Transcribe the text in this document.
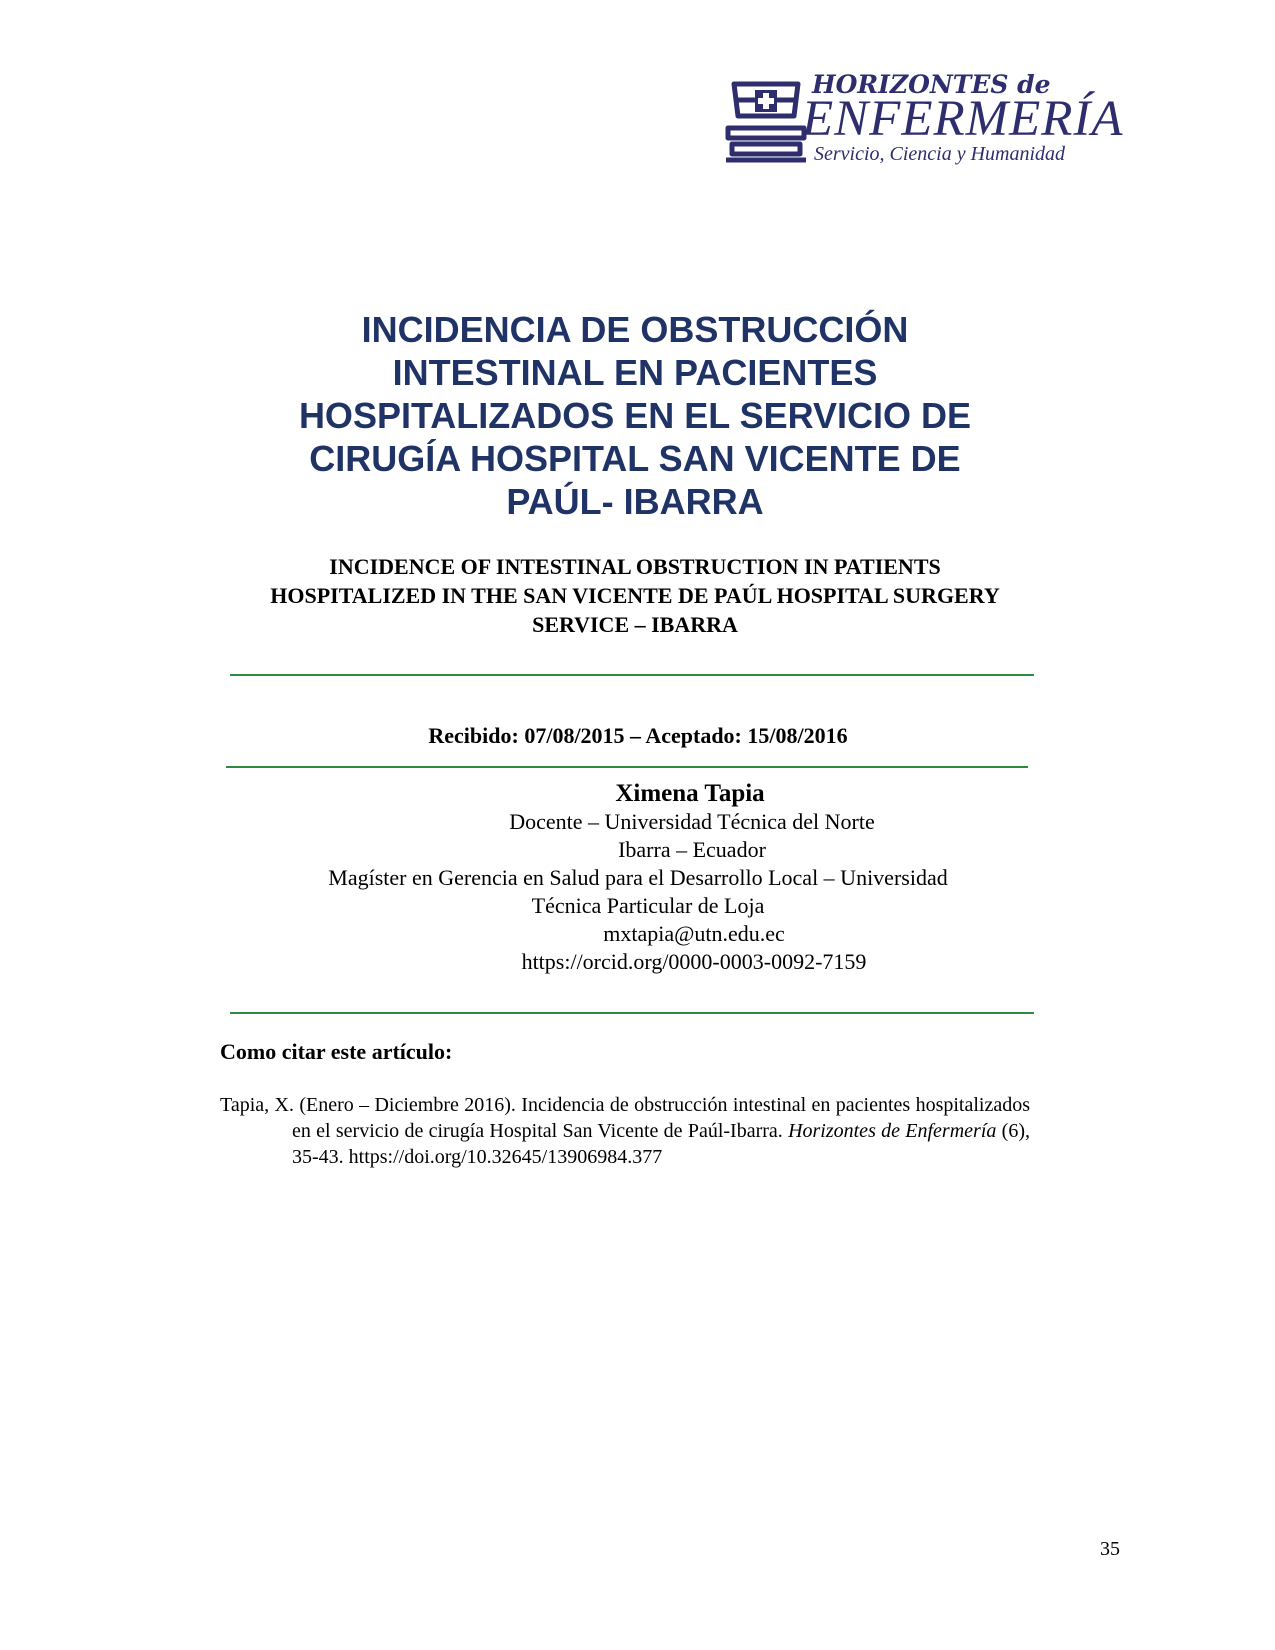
HORIZONTES de
ENFERMERÍA
Servicio, Ciencia y Humanidad
INCIDENCIA DE OBSTRUCCIÓN
INTESTINAL EN PACIENTES
HOSPITALIZADOS EN EL SERVICIO DE
CIRUGÍA HOSPITAL SAN VICENTE DE
PAÚL- IBARRA
INCIDENCE OF INTESTINAL OBSTRUCTION IN PATIENTS
HOSPITALIZED IN THE SAN VICENTE DE PAÚL HOSPITAL SURGERY
SERVICE – IBARRA
Recibido: 07/08/2015 – Aceptado: 15/08/2016
Ximena Tapia
Docente – Universidad Técnica del Norte
Ibarra – Ecuador
Magíster en Gerencia en Salud para el Desarrollo Local – Universidad
Técnica Particular de Loja
mxtapia@utn.edu.ec
https://orcid.org/0000-0003-0092-7159
Como citar este artículo:
Tapia, X. (Enero – Diciembre 2016). Incidencia de obstrucción intestinal en pacientes hospitalizados en el servicio de cirugía Hospital San Vicente de Paúl-Ibarra. Horizontes de Enfermería (6), 35-43. https://doi.org/10.32645/13906984.377
35
